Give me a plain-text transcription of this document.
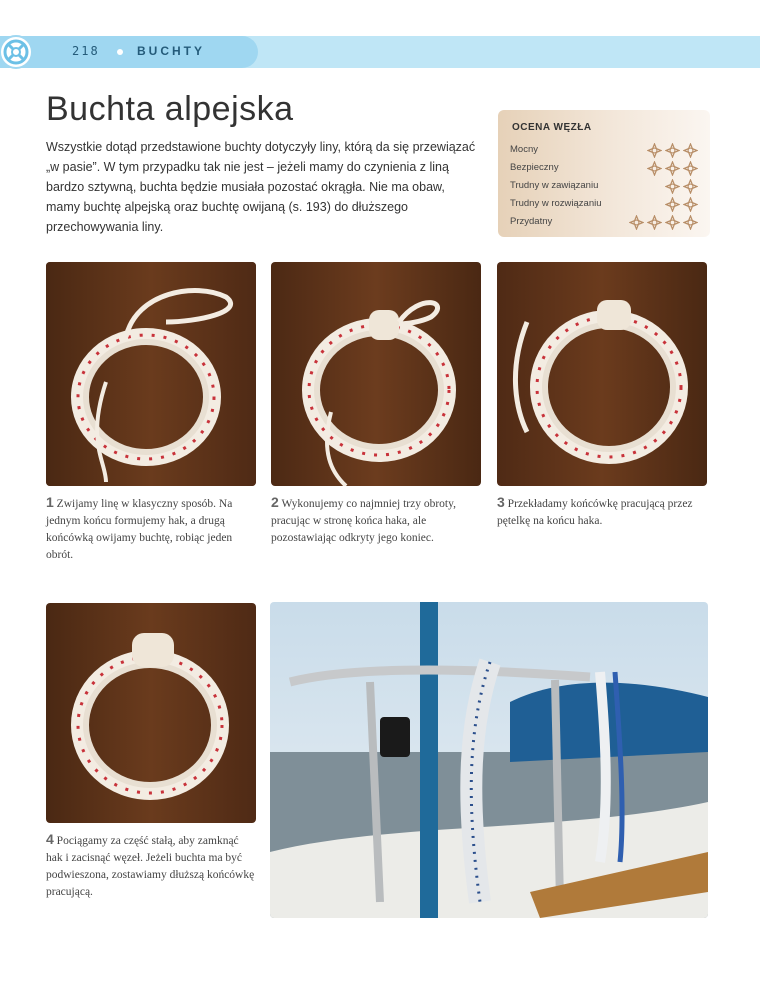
218	BUCHTY
Buchta alpejska

Wszystkie dotąd przedstawione buchty dotyczyły liny, którą da się przewiązać „w pasie”. W tym przypadku tak nie jest – jeżeli mamy do czynienia z liną bardzo sztywną, buchta będzie musiała pozostać okrągła. Nie ma obaw, mamy buchtę alpejską oraz buchtę owijaną (s. 193) do dłuższego przechowywania liny.

OCENA WĘZŁA
Mocny
Bezpieczny
Trudny w zawiązaniu
Trudny w rozwiązaniu
Przydatny

1 Zwijamy linę w klasyczny sposób. Na jednym końcu formujemy hak, a drugą końcówką owijamy buchtę, robiąc jeden obrót.

2 Wykonujemy co najmniej trzy obroty, pracując w stronę końca haka, ale pozostawiając odkryty jego koniec.

3 Przekładamy końcówkę pracującą przez pętelkę na końcu haka.

4 Pociągamy za część stałą, aby zamknąć hak i zacisnąć węzeł. Jeżeli buchta ma być podwieszona, zostawiamy dłuższą końcówkę pracującą.
